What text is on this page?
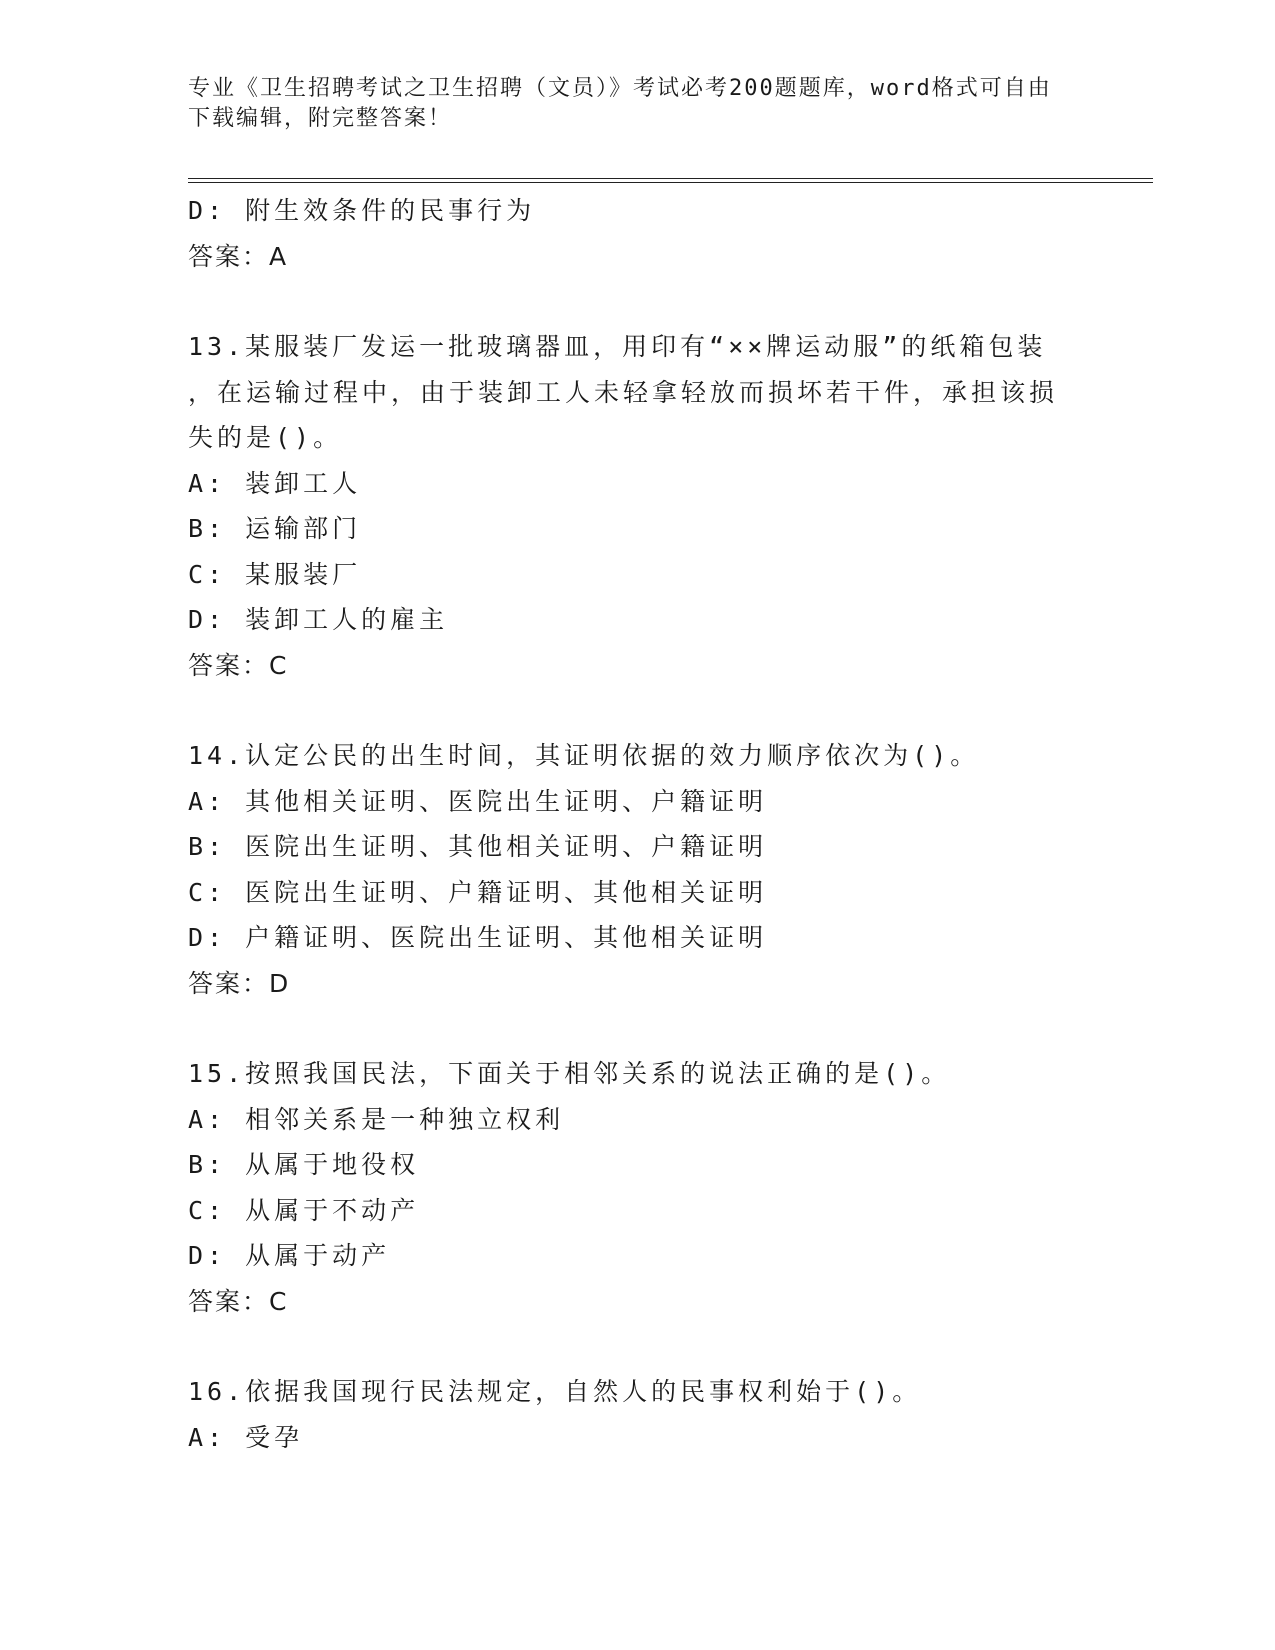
专业《卫生招聘考试之卫生招聘（文员）》考试必考200题题库，word格式可自由下载编辑，附完整答案！

D: 附生效条件的民事行为

答案：A

13.某服装厂发运一批玻璃器皿，用印有“××牌运动服”的纸箱包装

，在运输过程中，由于装卸工人未轻拿轻放而损坏若干件，承担该损

失的是()。

A: 装卸工人

B: 运输部门

C: 某服装厂

D: 装卸工人的雇主

答案：C

14.认定公民的出生时间，其证明依据的效力顺序依次为()。

A: 其他相关证明、医院出生证明、户籍证明

B: 医院出生证明、其他相关证明、户籍证明

C: 医院出生证明、户籍证明、其他相关证明

D: 户籍证明、医院出生证明、其他相关证明

答案：D

15.按照我国民法，下面关于相邻关系的说法正确的是()。

A: 相邻关系是一种独立权利

B: 从属于地役权

C: 从属于不动产

D: 从属于动产

答案：C

16.依据我国现行民法规定，自然人的民事权利始于()。

A: 受孕
